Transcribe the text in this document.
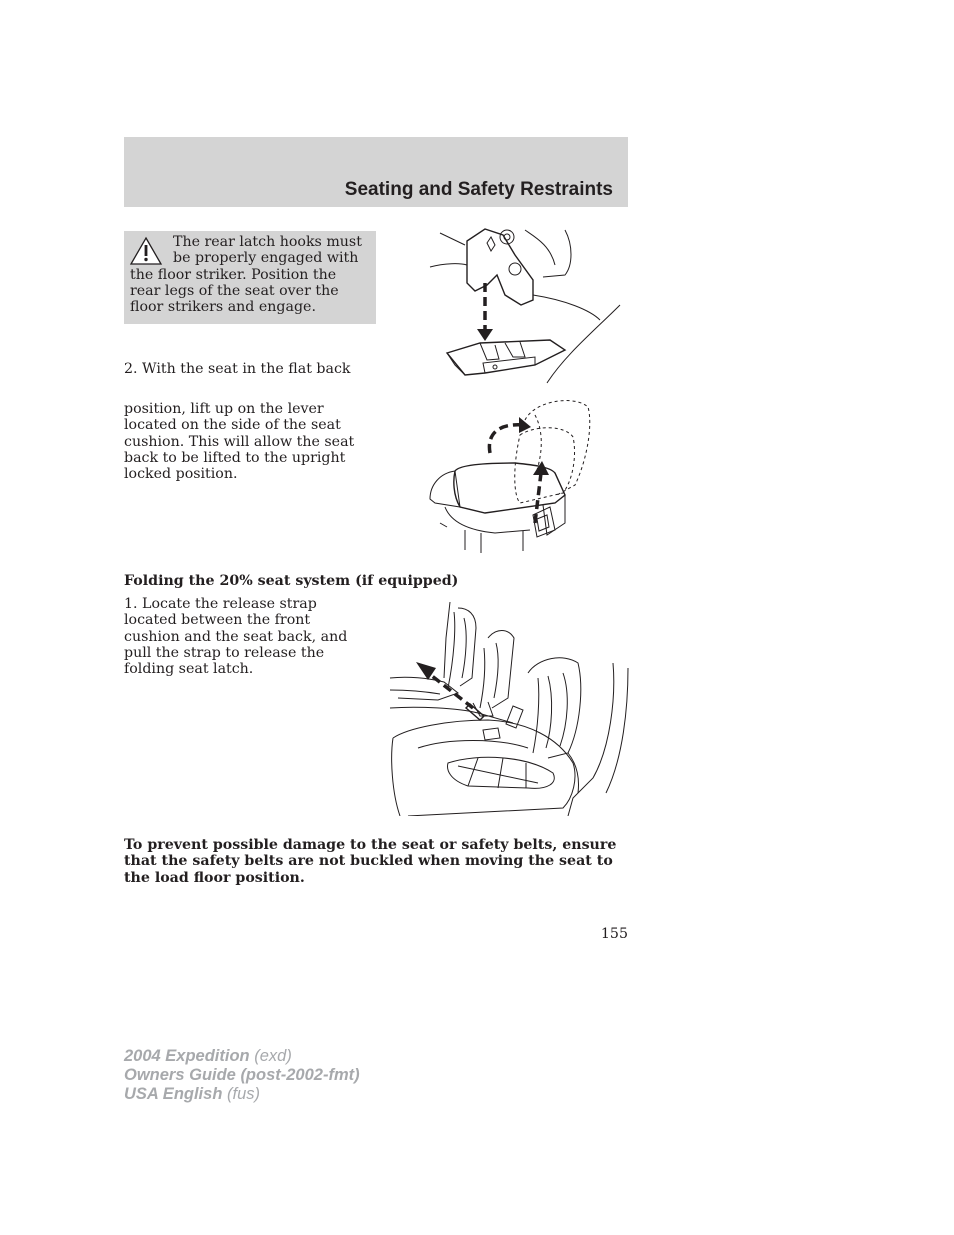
Seating and Safety Restraints
The rear latch hooks must be properly engaged with the floor striker. Position the rear legs of the seat over the floor strikers and engage.
2. With the seat in the flat back
position, lift up on the lever located on the side of the seat cushion. This will allow the seat back to be lifted to the upright locked position.
Folding the 20% seat system (if equipped)
1. Locate the release strap located between the front cushion and the seat back, and pull the strap to release the folding seat latch.
To prevent possible damage to the seat or safety belts, ensure that the safety belts are not buckled when moving the seat to the load floor position.
155
2004 Expedition (exd)
Owners Guide (post-2002-fmt)
USA English (fus)
